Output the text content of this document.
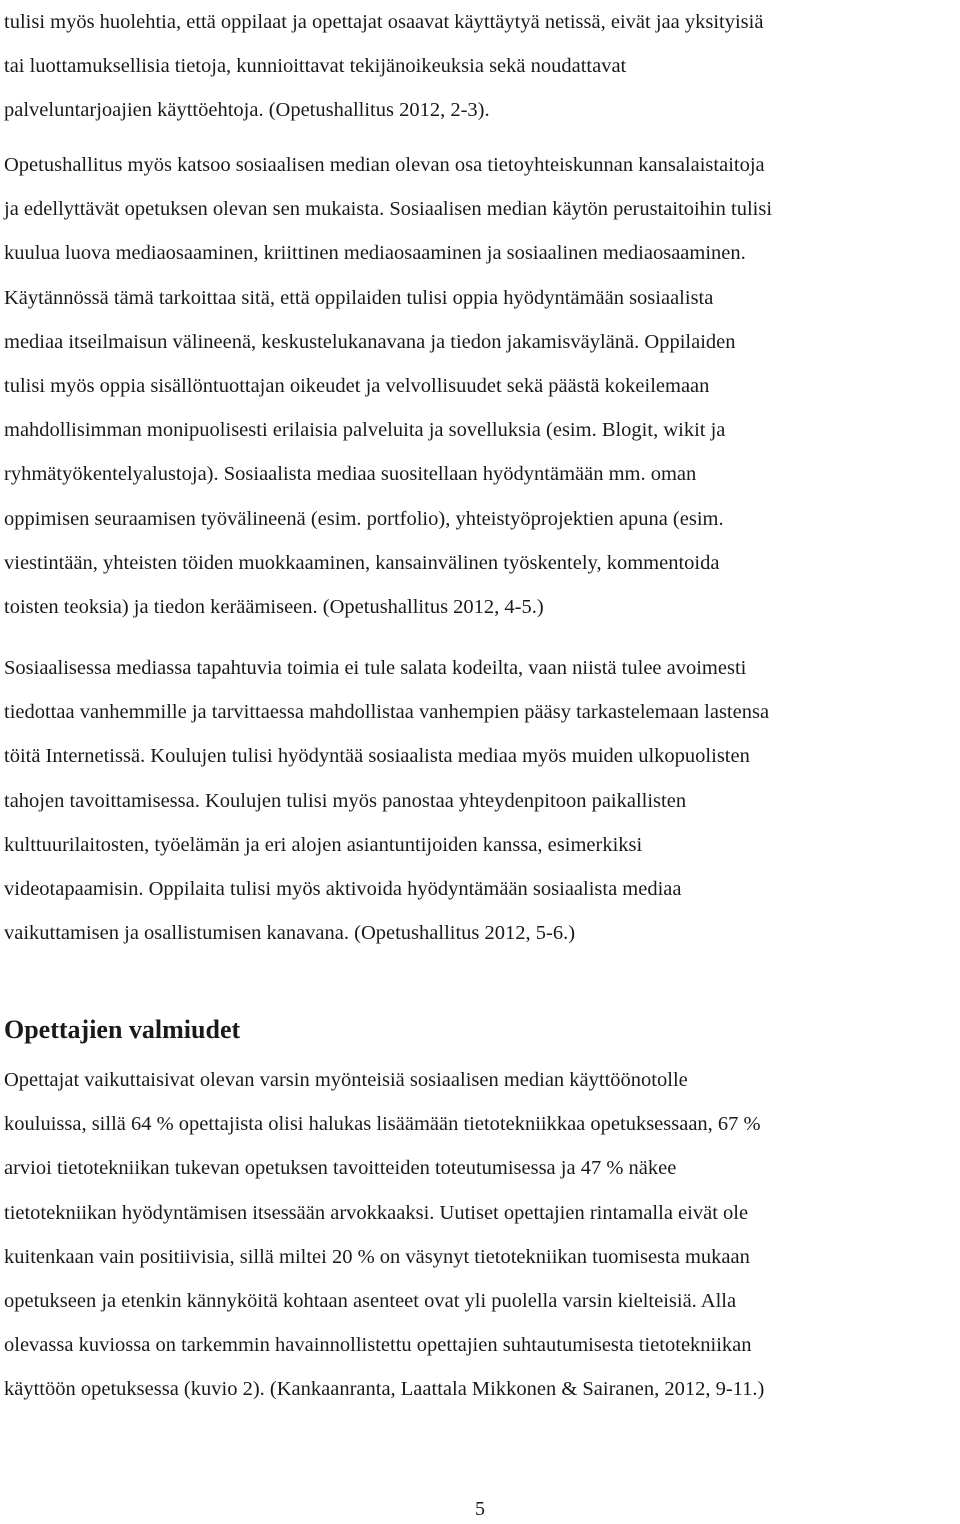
tulisi myös huolehtia, että oppilaat ja opettajat osaavat käyttäytyä netissä, eivät jaa yksityisiä
tai luottamuksellisia tietoja, kunnioittavat tekijänoikeuksia sekä noudattavat
palveluntarjoajien käyttöehtoja. (Opetushallitus 2012, 2-3).
Opetushallitus myös katsoo sosiaalisen median olevan osa tietoyhteiskunnan kansalaistaitoja
ja edellyttävät opetuksen olevan sen mukaista. Sosiaalisen median käytön perustaitoihin tulisi
kuulua luova mediaosaaminen, kriittinen mediaosaaminen ja sosiaalinen mediaosaaminen.
Käytännössä tämä tarkoittaa sitä, että oppilaiden tulisi oppia hyödyntämään sosiaalista
mediaa itseilmaisun välineenä, keskustelukanavana ja tiedon jakamisväylänä. Oppilaiden
tulisi myös oppia sisällöntuottajan oikeudet ja velvollisuudet sekä päästä kokeilemaan
mahdollisimman monipuolisesti erilaisia palveluita ja sovelluksia (esim. Blogit, wikit ja
ryhmätyökentelyalustoja). Sosiaalista mediaa suositellaan hyödyntämään mm. oman
oppimisen seuraamisen työvälineenä (esim. portfolio), yhteistyöprojektien apuna (esim.
viestintään, yhteisten töiden muokkaaminen, kansainvälinen työskentely, kommentoida
toisten teoksia) ja tiedon keräämiseen. (Opetushallitus 2012, 4-5.)
Sosiaalisessa mediassa tapahtuvia toimia ei tule salata kodeilta, vaan niistä tulee avoimesti
tiedottaa vanhemmille ja tarvittaessa mahdollistaa vanhempien pääsy tarkastelemaan lastensa
töitä Internetissä. Koulujen tulisi hyödyntää sosiaalista mediaa myös muiden ulkopuolisten
tahojen tavoittamisessa. Koulujen tulisi myös panostaa yhteydenpitoon paikallisten
kulttuurilaitosten, työelämän ja eri alojen asiantuntijoiden kanssa, esimerkiksi
videotapaamisin. Oppilaita tulisi myös aktivoida hyödyntämään sosiaalista mediaa
vaikuttamisen ja osallistumisen kanavana. (Opetushallitus 2012, 5-6.)
Opettajien valmiudet
Opettajat vaikuttaisivat olevan varsin myönteisiä sosiaalisen median käyttöönotolle
kouluissa, sillä 64 % opettajista olisi halukas lisäämään tietotekniikkaa opetuksessaan, 67 %
arvioi tietotekniikan tukevan opetuksen tavoitteiden toteutumisessa ja 47 % näkee
tietotekniikan hyödyntämisen itsessään arvokkaaksi. Uutiset opettajien rintamalla eivät ole
kuitenkaan vain positiivisia, sillä miltei 20 % on väsynyt tietotekniikan tuomisesta mukaan
opetukseen ja etenkin kännyköitä kohtaan asenteet ovat yli puolella varsin kielteisiä. Alla
olevassa kuviossa on tarkemmin havainnollistettu opettajien suhtautumisesta tietotekniikan
käyttöön opetuksessa (kuvio 2). (Kankaanranta, Laattala Mikkonen & Sairanen, 2012, 9-11.)
5
